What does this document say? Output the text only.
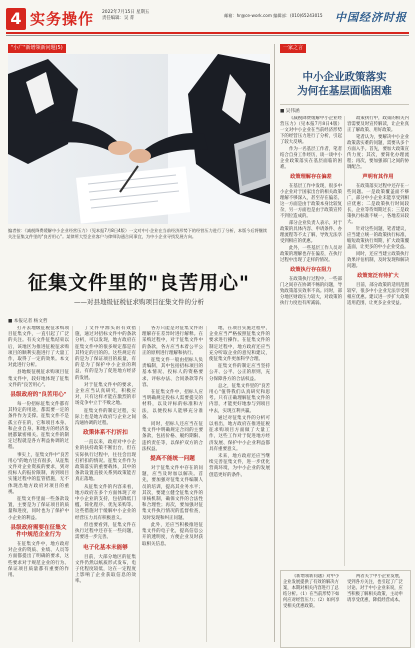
4 实务操作 2022年7月15日 星期五
责任编辑：吴 菁
邮箱：hr@ce-work.com 编辑部：(010)65243015 中国经济时报
"小广"新增领新问题(5)
编者按：《减税降费缓解中小企业经营压力》（见本报7月8日4版）一文对中小企业在当前经济形势下的经营压力进行了分析，本版今后将继续关注征集文件里的"良苦用心"。某律所大型企业客户与律师沟通合同事宜，为中小企业寻找发展方向。
征集文件里的"良苦用心"
——对县地级征税征求购项目征集文件的分析
■ 本报记者 杨文哲

打开去地级征税征求购项目征集文件，一直引起了广泛的关注。有关文件征集结束以后，该地区为推进征税征求购项目的顺利实施进行了大量工作，取得了一定的效果。本文对此进行分析。

县地级征税征求购项目征集文件中，较好地体现了征集文件的"良苦用心"。

县级政府的"良苦用心"

每一份招标征集文件都有其特定的用途，都需要一定的条件作为支撑。征集文件不是孤立存在的，它和项目本身、和企业自身、和地方的经济发展都紧密相关。征集文件的制定过程就是各方利益协调的过程。

事实上，征集文件中"良苦用心"的地方还有很多，从征集文件对企业资质的要求，到对投标人的报价限制，再到项目实施过程中的监管措施，无不体现出地方政府对项目的重视。

征集文件里面一些条款设置，主要是为了保证项目的质量和进度，同时也为了保护中小企业的利益。

县级政府需要在征集文件中规范企业行为

在征集文件中，地方政府对企业的资质、业绩、人员等方面都提出了明确的要求，这些要求对于规范企业的行为、保证项目质量都有重要的作用。

了文件中源头的有效措施，通过对招标文件中的条款分析，可以发现，地方政府在征集文件中的很多规定都是有其特定的目的的。这些规定有的是为了保证项目的质量，有的是为了保护中小企业的利益，有的是为了促进地方经济的发展。

对于征集文件中的要求，企业应当认真研究，积极应对，只有这样才能在激烈的市场竞争中立于不败之地。

征集文件的制定过程，实际上也是地方政府与企业之间沟通协调的过程。

政策体系不打折扣

一直以来，政府对中小企业的扶持政策不断出台，但在实际执行过程中，往往会出现打折扣的情况。征集文件作为政策落实的重要载体，其中的条款设置直接关系到政策能否真正落地。

从征集文件的内容来看，地方政府在多个方面体现了对中小企业的支持，包括降低门槛、简化程序、优先采购等。这些措施对于缓解中小企业的经营压力具有积极意义。

但也要看到，征集文件在执行过程中还存在一些问题，需要进一步完善。

电子化基本未能够

目前，大部分地区的征集文件仍然以纸质形式发布，电子化程度较低，这在一定程度上影响了企业获取信息的效率。

各方只能是对征集文件的理解存在差异时进行解释。在采购过程中，对于征集文件中的条款，各方应当本着公平公正的原则进行理解和执行。

征集文件一般由招标人负责编制，其中包括招标项目的基本情况、投标人的资格要求、评标办法、合同条款等内容。

在征集文件中，招标人应当明确规定投标人需要提交的材料，以及评标的标准和方法，以便投标人能够充分准备。

同时，招标人还应当在征集文件中明确规定合同的主要条款，包括价格、履约期限、违约责任等，以保护双方的合法权益。

提高不能统一问题

对于征集文件中存在的问题，应当及时加以解决。首先，要加强对征集文件编制人员的培训，提高其业务水平；其次，要建立健全征集文件的审核机制，确保文件的合法性和合理性；再次，要加强对征集文件执行情况的监督检查，及时发现和纠正问题。

此外，还应当积极推进征集文件的电子化，提高信息公开的透明度，方便企业及时获取相关信息。

地，在项目实施过程中，企业应当严格按照征集文件的要求进行操作。在征集文件的制定过程中，地方政府还应当充分听取企业的意见和建议，使征集文件更加科学合理。

征集文件的制定应当坚持公开、公平、公正的原则，充分保障各方的合法权益。

总之，征集文件里的"良苦用心"值得我们认真研究和思考。只有正确理解征集文件的内容，才能更好地参与到项目中去，实现互利共赢。

通过对征集文件的分析可以看出，地方政府在推进征税征求购项目方面做了大量工作，这些工作对于促进地方经济发展、保护中小企业利益都具有重要意义。

未来，地方政府还应当继续完善征集文件，进一步优化营商环境，为中小企业的发展创造更好的条件。

一家之言
中小企业政策落实
为何在基层面临困难
■ 吴伟涵

《减税降费缓解中小企业经营压力》（见本报7月8日4版）一文对中小企业在当前经济形势下的经营压力进行了分析，引起了较大反响。

作为一名基层工作者，笔者结合自身工作经历，谈一谈中小企业政策落实在基层面临的困难。

政策理解存在偏差

在基层工作中发现，很多中小企业对于国家出台的相关政策理解不够深入，甚至存在偏差。这一方面是由于政策本身比较复杂，另一方面也是由于政策宣传不到位造成的。

部分企业负责人表示，对于政策的具体内容、申请条件、办理流程等不太了解，导致无法享受到相应的优惠。

此外，一些基层工作人员对政策的理解也存在偏差，在执行过程中出现了走样的情况。

政策执行存在阻力

在政策执行过程中，一些部门之间存在协调不畅的问题，导致政策落实效率不高。同时，部分地区财政压力较大，对政策的执行力度也有所减弱。

政策执行中，政策的相关内容需要及时宣传解读，让企业真正了解政策、用好政策。

笔者认为，要解决中小企业政策落实难的问题，需要从多个方面入手。首先，要加大政策宣传力度；其次，要简化办理流程；再次，要加强部门之间的协调配合。

声明有其作用

在政策落实过程中还存在一些问题。一是政策覆盖面不够广，部分中小企业未能享受到相应优惠；二是政策执行时间较长，企业等待周期过长；三是政策执行标准不统一，各地差异较大。

针对这些问题，笔者建议，应当建立统一的政策执行标准，缩短政策执行周期，扩大政策覆盖面，让更多的中小企业受益。

同时，还应当建立政策执行效果评估机制，及时发现和解决问题。

政策宽泛有待扩大

目前，部分政策的适用范围较窄，很多中小企业无法享受到相应优惠。建议进一步扩大政策适用范围，让更多企业受益。

《新增领新问题》对中小企业发展提供了有效的解决方案，本期对相关内容进行了总结分析。（1）在当前形势下如何应对经营压力；（2）如何享受相关优惠政策。

两者关于中小企业发展，受到各方关注，也引起了广泛讨论。对于中小企业来说，应当积极了解相关政策，主动申请享受优惠，降低经营成本。
